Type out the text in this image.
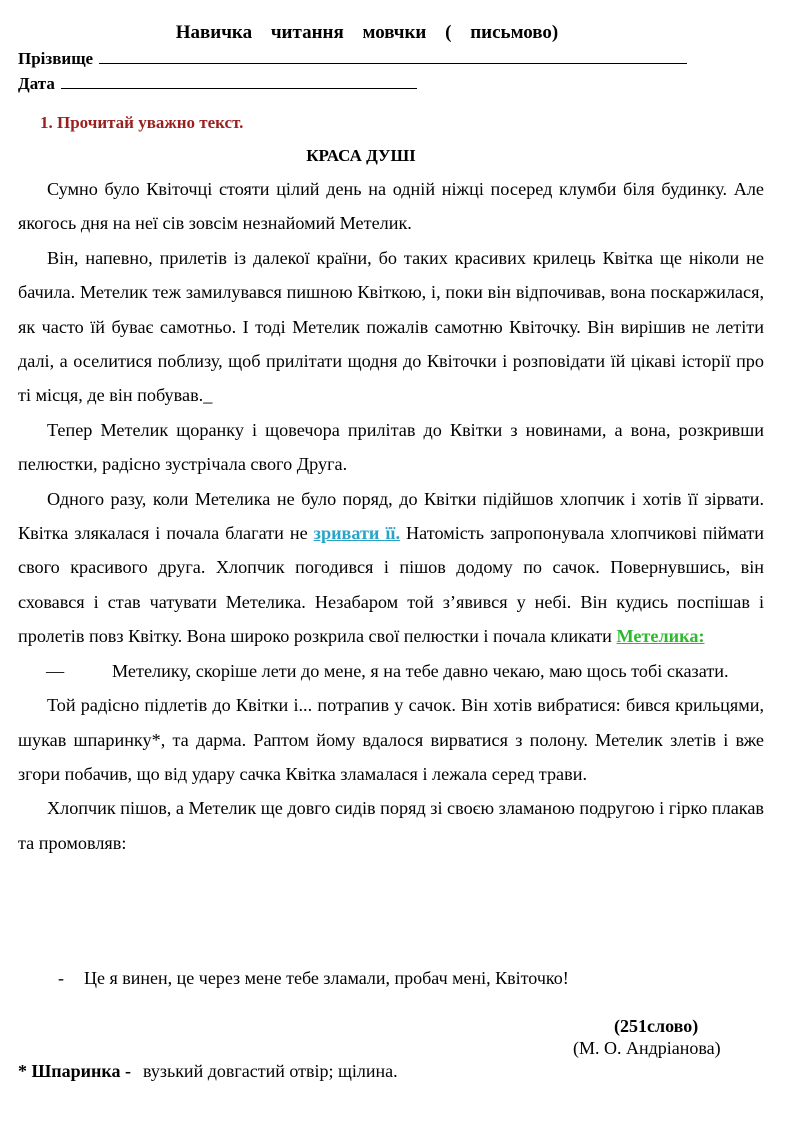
Навичка читання мовчки ( письмово)
Прізвище
Дата
1. Прочитай уважно текст.
КРАСА ДУШІ
Сумно було Квіточці стояти цілий день на одній ніжці посеред клумби біля будинку. Але якогось дня на неї сів зовсім незнайомий Метелик.
Він, напевно, прилетів із далекої країни, бо таких красивих крилець Квітка ще ніколи не бачила. Метелик теж замилувався пишною Квіткою, і, поки він відпочивав, вона поскаржилася, як часто їй буває самотньо. І тоді Метелик пожалів самотню Квіточку. Він вирішив не летіти далі, а оселитися поблизу, щоб прилітати щодня до Квіточки і розповідати їй цікаві історії про ті місця, де він побував._
Тепер Метелик щоранку і щовечора прилітав до Квітки з новинами, а вона, розкривши пелюстки, радісно зустрічала свого Друга.
Одного разу, коли Метелика не було поряд, до Квітки підійшов хлопчик і хотів її зірвати. Квітка злякалася і почала благати не зривати її. Натомість запропонувала хлопчикові піймати свого красивого друга. Хлопчик погодився і пішов додому по сачок. Повернувшись, він сховався і став чатувати Метелика. Незабаром той з’явився у небі. Він кудись поспішав і пролетів повз Квітку. Вона широко розкрила свої пелюстки і почала кликати Метелика:
—	Метелику, скоріше лети до мене, я на тебе давно чекаю, маю щось тобі сказати.
Той радісно підлетів до Квітки і... потрапив у сачок. Він хотів вибратися: бився крильцями, шукав шпаринку*, та дарма. Раптом йому вдалося вирватися з полону. Метелик злетів і вже згори побачив, що від удару сачка Квітка зламалася і лежала серед трави.
Хлопчик пішов, а Метелик ще довго сидів поряд зі своєю зламаною подругою і гірко плакав та промовляв:
- Це я винен, це через мене тебе зламали, пробач мені, Квіточко!
(251слово)
(М. О. Андріанова)
* Шпаринка - вузький довгастий отвір; щілина.
